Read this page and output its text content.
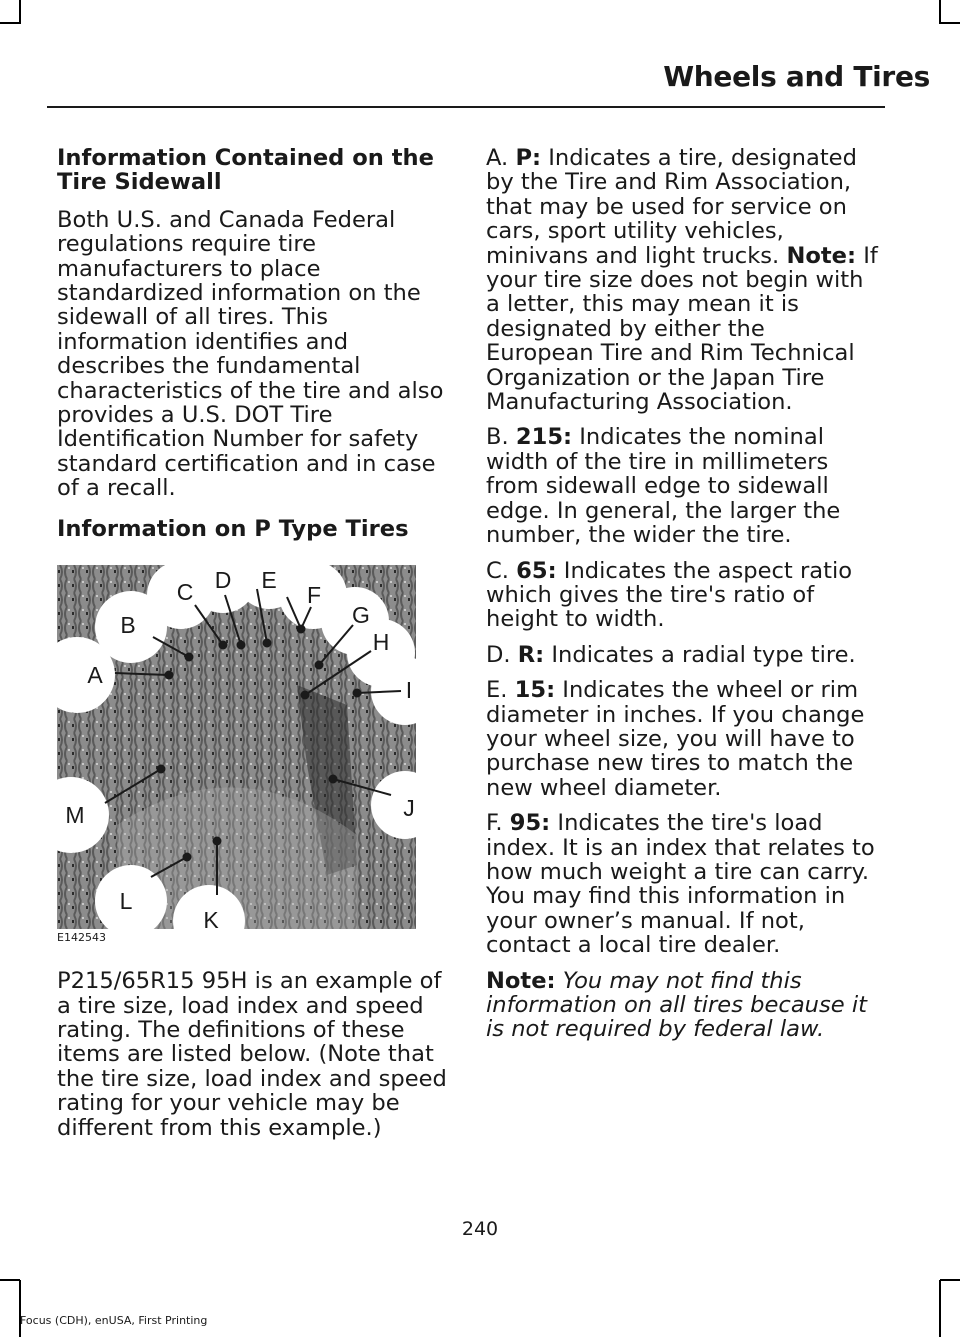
Wheels and Tires
Information Contained on the Tire Sidewall

Both U.S. and Canada Federal regulations require tire manufacturers to place standardized information on the sidewall of all tires. This information identifies and describes the fundamental characteristics of the tire and also provides a U.S. DOT Tire Identification Number for safety standard certification and in case of a recall.

Information on P Type Tires
A
B
C D E
F
G
H
I
J
K
L
M
E142543

P215/65R15 95H is an example of a tire size, load index and speed rating. The definitions of these items are listed below. (Note that the tire size, load index and speed rating for your vehicle may be different from this example.)

A. P: Indicates a tire, designated by the Tire and Rim Association, that may be used for service on cars, sport utility vehicles, minivans and light trucks. Note: If your tire size does not begin with a letter, this may mean it is designated by either the European Tire and Rim Technical Organization or the Japan Tire Manufacturing Association.

B. 215: Indicates the nominal width of the tire in millimeters from sidewall edge to sidewall edge. In general, the larger the number, the wider the tire.

C. 65: Indicates the aspect ratio which gives the tire's ratio of height to width.

D. R: Indicates a radial type tire.

E. 15: Indicates the wheel or rim diameter in inches. If you change your wheel size, you will have to purchase new tires to match the new wheel diameter.

F. 95: Indicates the tire's load index. It is an index that relates to how much weight a tire can carry. You may find this information in your owner’s manual. If not, contact a local tire dealer.

Note: You may not find this information on all tires because it is not required by federal law.

240
Focus (CDH), enUSA, First Printing
